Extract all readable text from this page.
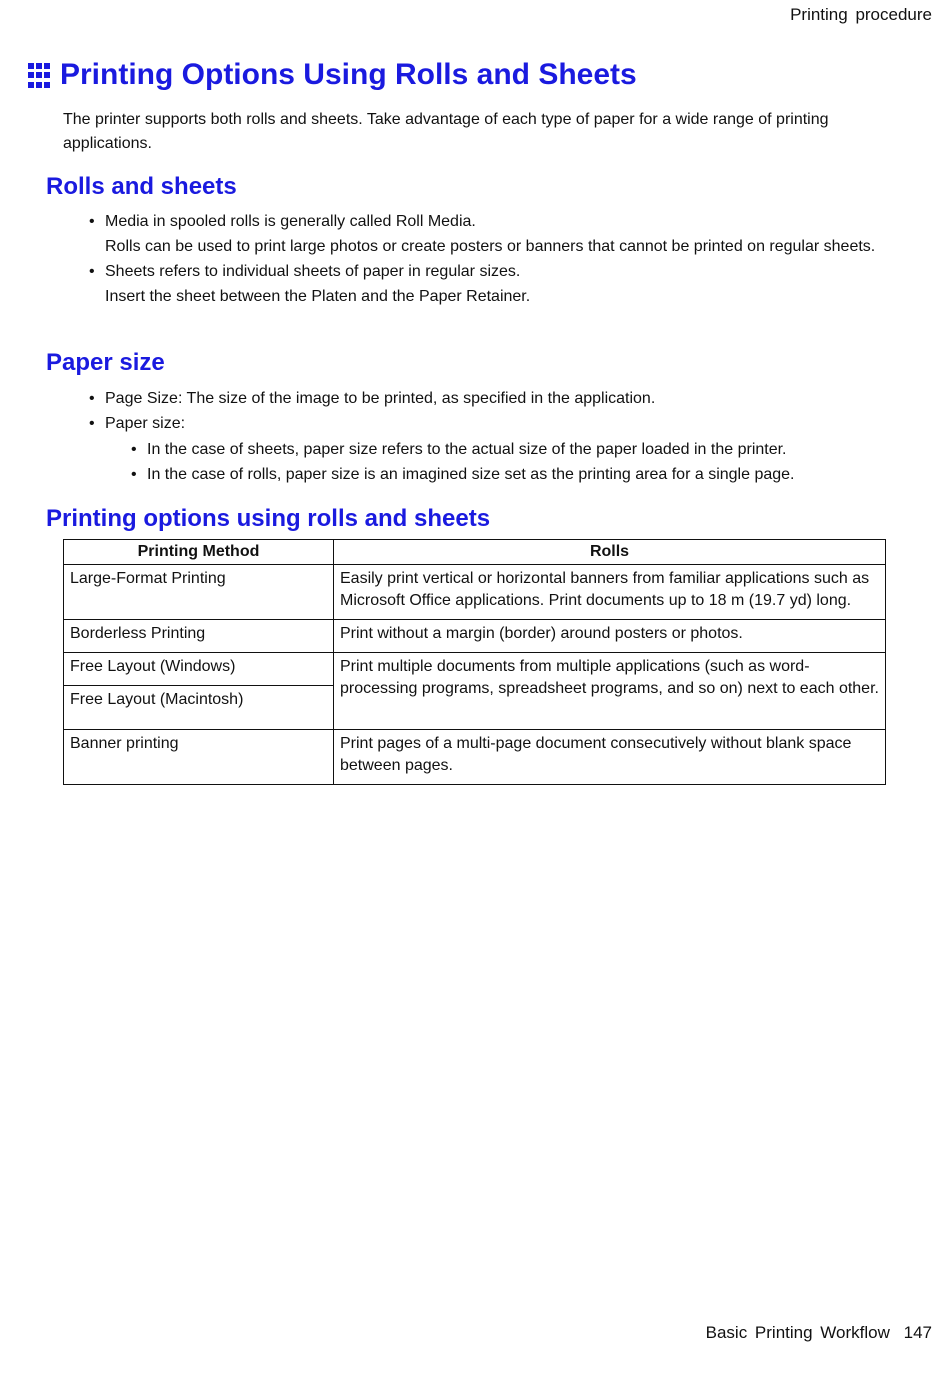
Printing procedure
Printing Options Using Rolls and Sheets

The printer supports both rolls and sheets. Take advantage of each type of paper for a wide range of printing applications.

Rolls and sheets
• Media in spooled rolls is generally called Roll Media.
Rolls can be used to print large photos or create posters or banners that cannot be printed on regular sheets.
• Sheets refers to individual sheets of paper in regular sizes.
Insert the sheet between the Platen and the Paper Retainer.
Paper size
• Page Size: The size of the image to be printed, as specified in the application.
• Paper size:
• In the case of sheets, paper size refers to the actual size of the paper loaded in the printer.
• In the case of rolls, paper size is an imagined size set as the printing area for a single page.
Printing options using rolls and sheets
Printing Method	Rolls
Large-Format Printing	Easily print vertical or horizontal banners from familiar applications such as Microsoft Office applications. Print documents up to 18 m (19.7 yd) long.
Borderless Printing	Print without a margin (border) around posters or photos.
Free Layout (Windows)	Print multiple documents from multiple applications (such as word-processing programs, spreadsheet programs, and so on) next to each other.
Free Layout (Macintosh)	
Banner printing	Print pages of a multi-page document consecutively without blank space between pages.
Basic Printing Workflow 147
